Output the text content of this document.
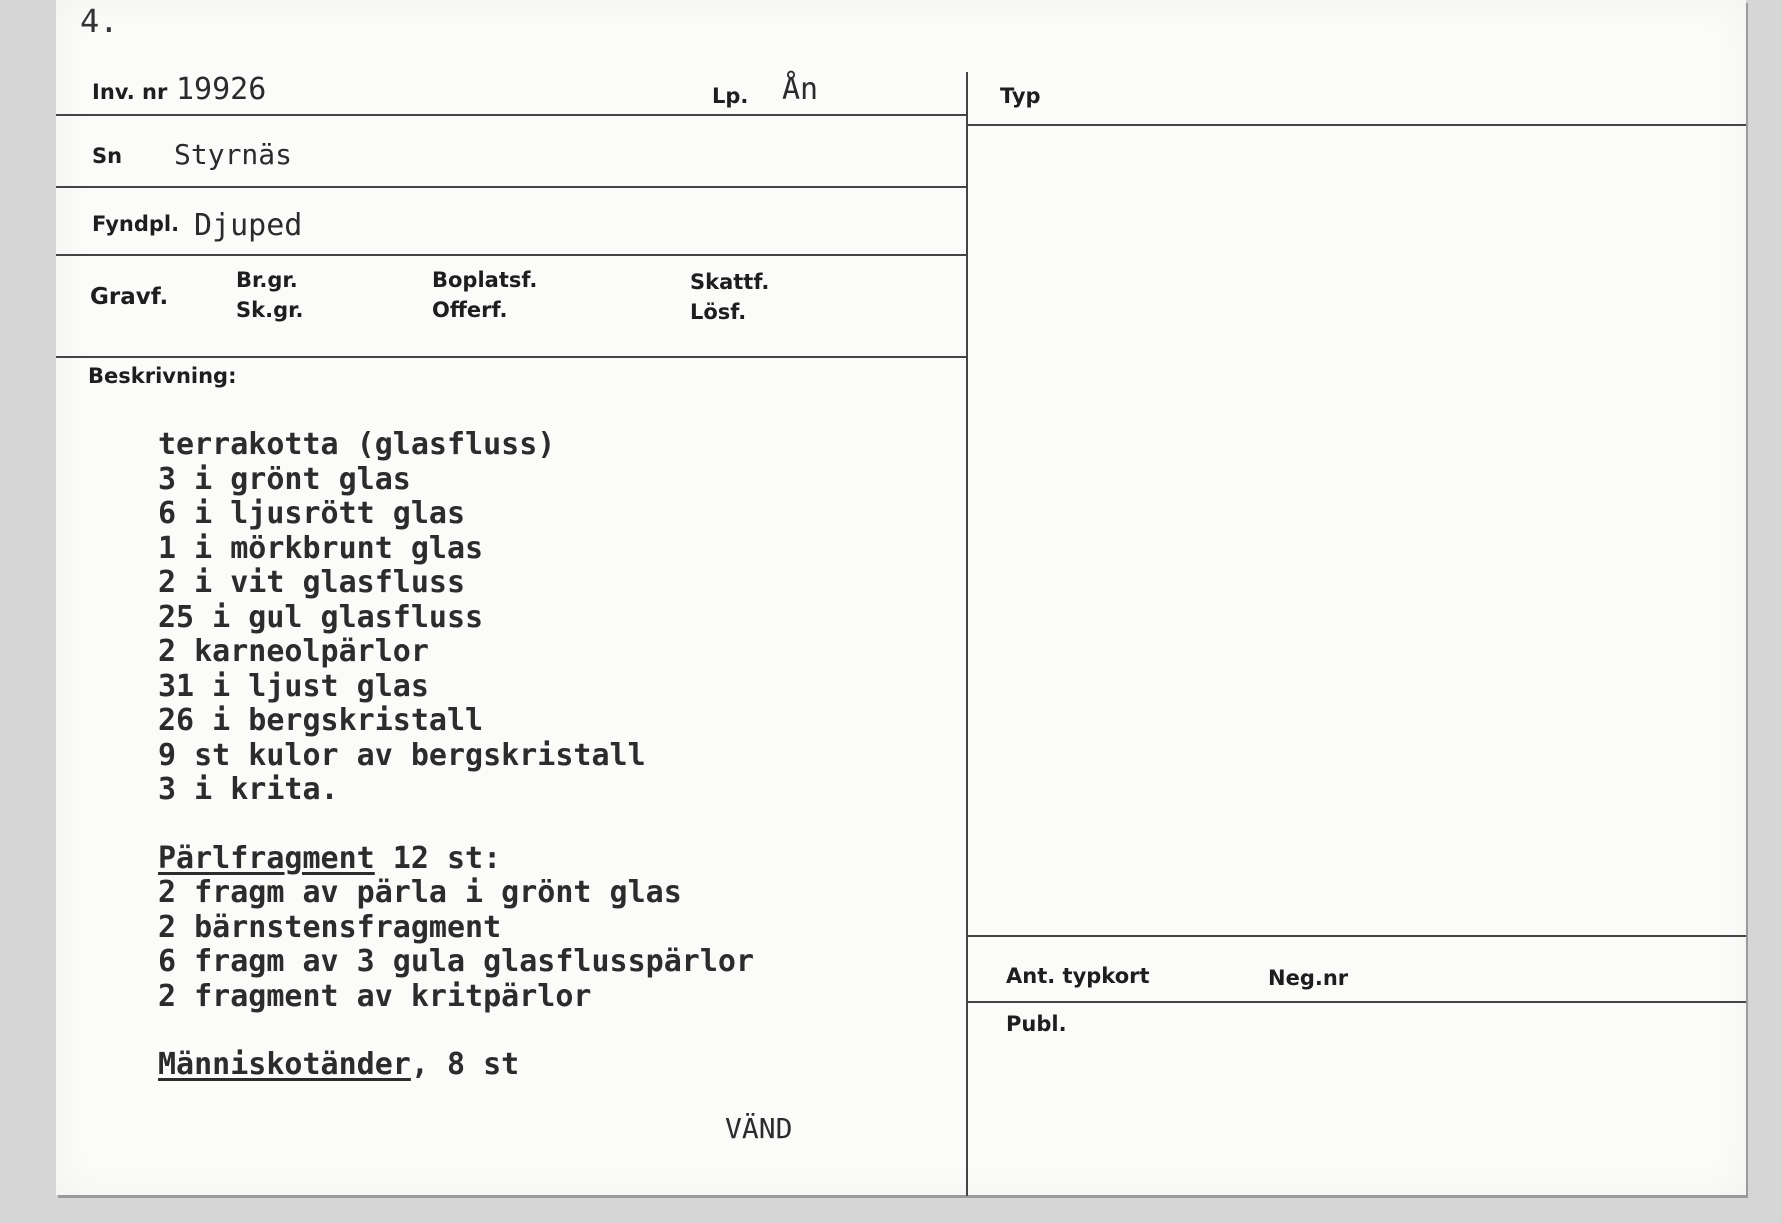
4.
Inv. nr 19926	Lp. Ån	Typ
Sn Styrnäs
Fyndpl. Djuped
Gravf.
Br.gr.
Sk.gr.
Boplatsf.
Offerf.
Skattf.
Lösf.
Beskrivning:
terrakotta (glasfluss)
3 i grönt glas
6 i ljusrött glas
1 i mörkbrunt glas
2 i vit glasfluss
25 i gul glasfluss
2 karneolpärlor
31 i ljust glas
26 i bergskristall
9 st kulor av bergskristall
3 i krita.
Pärlfragment 12 st:
2 fragm av pärla i grönt glas
2 bärnstensfragment
6 fragm av 3 gula glasflusspärlor
2 fragment av kritpärlor
Människotänder, 8 st
VÄND
Ant. typkort	Neg.nr
Publ.
